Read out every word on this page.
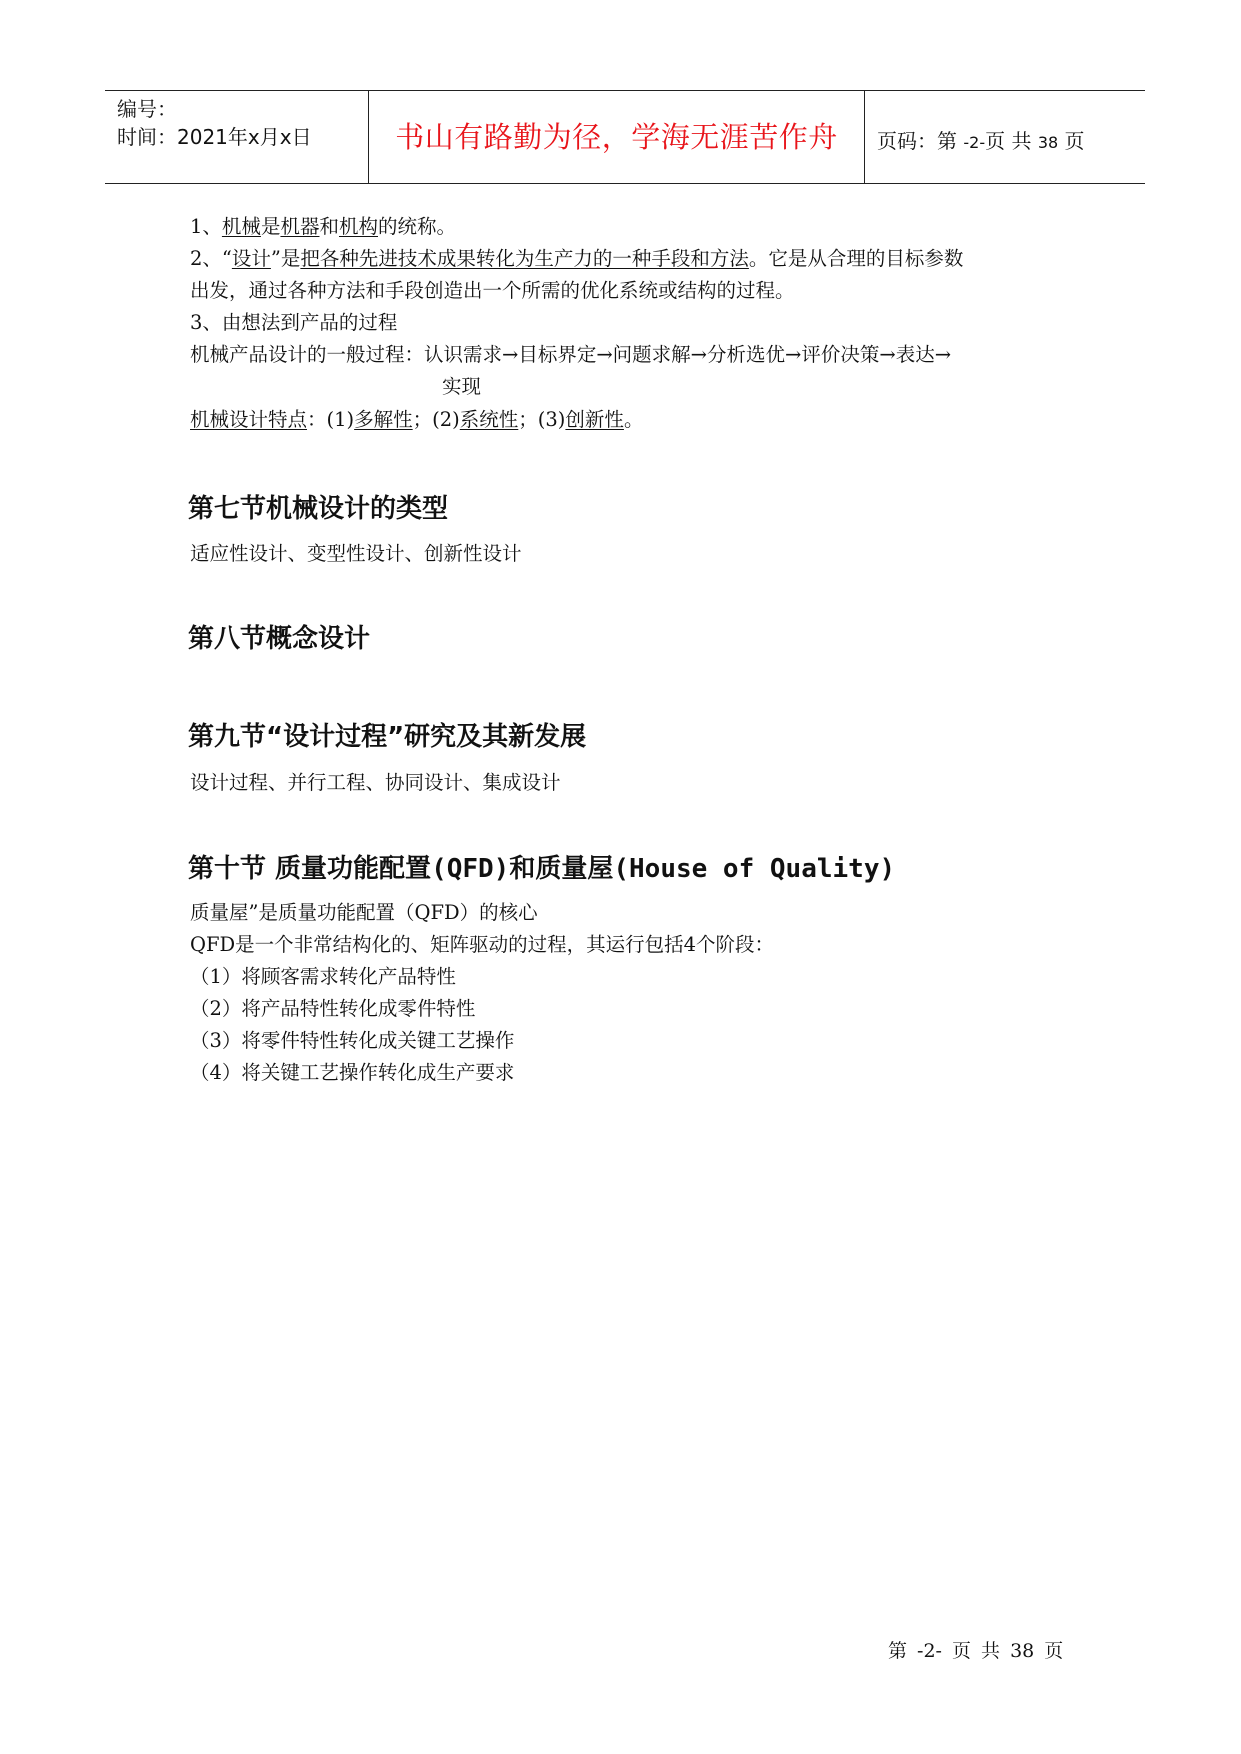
编号：
时间：2021年x月x日	书山有路勤为径，学海无涯苦作舟	页码：第 -2-页 共 38 页
1、机械是机器和机构的统称。
2、“设计”是把各种先进技术成果转化为生产力的一种手段和方法。它是从合理的目标参数
出发，通过各种方法和手段创造出一个所需的优化系统或结构的过程。
3、由想法到产品的过程
机械产品设计的一般过程：认识需求→目标界定→问题求解→分析选优→评价决策→表达→
实现
机械设计特点：(1)多解性；(2)系统性；(3)创新性。
第七节机械设计的类型
适应性设计、变型性设计、创新性设计
第八节概念设计
第九节“设计过程”研究及其新发展
设计过程、并行工程、协同设计、集成设计
第十节 质量功能配置(QFD)和质量屋(House of Quality)
质量屋”是质量功能配置（QFD）的核心
QFD是一个非常结构化的、矩阵驱动的过程，其运行包括4个阶段：
（1）将顾客需求转化产品特性
（2）将产品特性转化成零件特性
（3）将零件特性转化成关键工艺操作
（4）将关键工艺操作转化成生产要求
第 -2- 页 共 38 页
